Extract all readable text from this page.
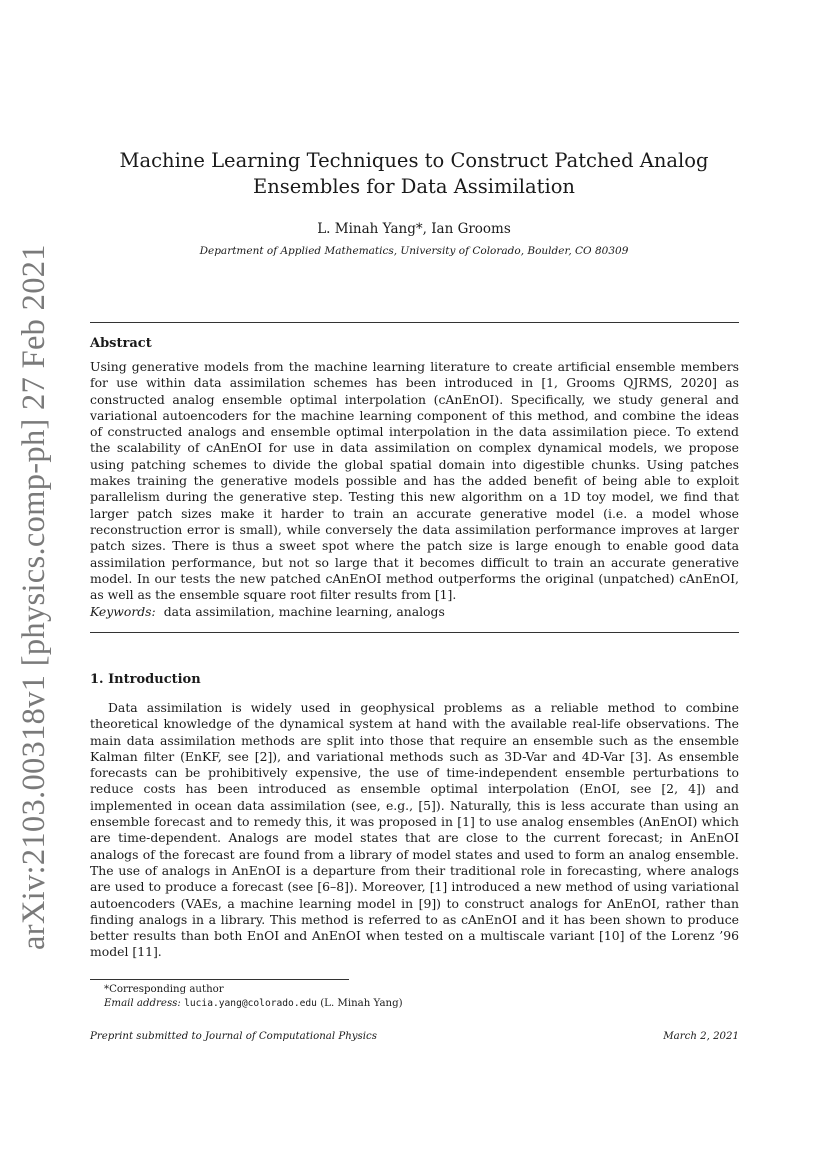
arXiv:2103.00318v1 [physics.comp-ph] 27 Feb 2021
Machine Learning Techniques to Construct Patched Analog Ensembles for Data Assimilation
L. Minah Yang*, Ian Grooms
Department of Applied Mathematics, University of Colorado, Boulder, CO 80309
Abstract
Using generative models from the machine learning literature to create artificial ensemble members for use within data assimilation schemes has been introduced in [1, Grooms QJRMS, 2020] as constructed analog ensemble optimal interpolation (cAnEnOI). Specifically, we study general and variational autoencoders for the machine learning component of this method, and combine the ideas of constructed analogs and ensemble optimal interpolation in the data assimilation piece. To extend the scalability of cAnEnOI for use in data assimilation on complex dynamical models, we propose using patching schemes to divide the global spatial domain into digestible chunks. Using patches makes training the generative models possible and has the added benefit of being able to exploit parallelism during the generative step. Testing this new algorithm on a 1D toy model, we find that larger patch sizes make it harder to train an accurate generative model (i.e. a model whose reconstruction error is small), while conversely the data assimilation performance improves at larger patch sizes. There is thus a sweet spot where the patch size is large enough to enable good data assimilation performance, but not so large that it becomes difficult to train an accurate generative model. In our tests the new patched cAnEnOI method outperforms the original (unpatched) cAnEnOI, as well as the ensemble square root filter results from [1].
Keywords: data assimilation, machine learning, analogs
1. Introduction
Data assimilation is widely used in geophysical problems as a reliable method to combine theoretical knowledge of the dynamical system at hand with the available real-life observations. The main data assimilation methods are split into those that require an ensemble such as the ensemble Kalman filter (EnKF, see [2]), and variational methods such as 3D-Var and 4D-Var [3]. As ensemble forecasts can be prohibitively expensive, the use of time-independent ensemble perturbations to reduce costs has been introduced as ensemble optimal interpolation (EnOI, see [2, 4]) and implemented in ocean data assimilation (see, e.g., [5]). Naturally, this is less accurate than using an ensemble forecast and to remedy this, it was proposed in [1] to use analog ensembles (AnEnOI) which are time-dependent. Analogs are model states that are close to the current forecast; in AnEnOI analogs of the forecast are found from a library of model states and used to form an analog ensemble. The use of analogs in AnEnOI is a departure from their traditional role in forecasting, where analogs are used to produce a forecast (see [6–8]). Moreover, [1] introduced a new method of using variational autoencoders (VAEs, a machine learning model in [9]) to construct analogs for AnEnOI, rather than finding analogs in a library. This method is referred to as cAnEnOI and it has been shown to produce better results than both EnOI and AnEnOI when tested on a multiscale variant [10] of the Lorenz ’96 model [11].
*Corresponding author
Email address: lucia.yang@colorado.edu (L. Minah Yang)
Preprint submitted to Journal of Computational Physics	March 2, 2021
